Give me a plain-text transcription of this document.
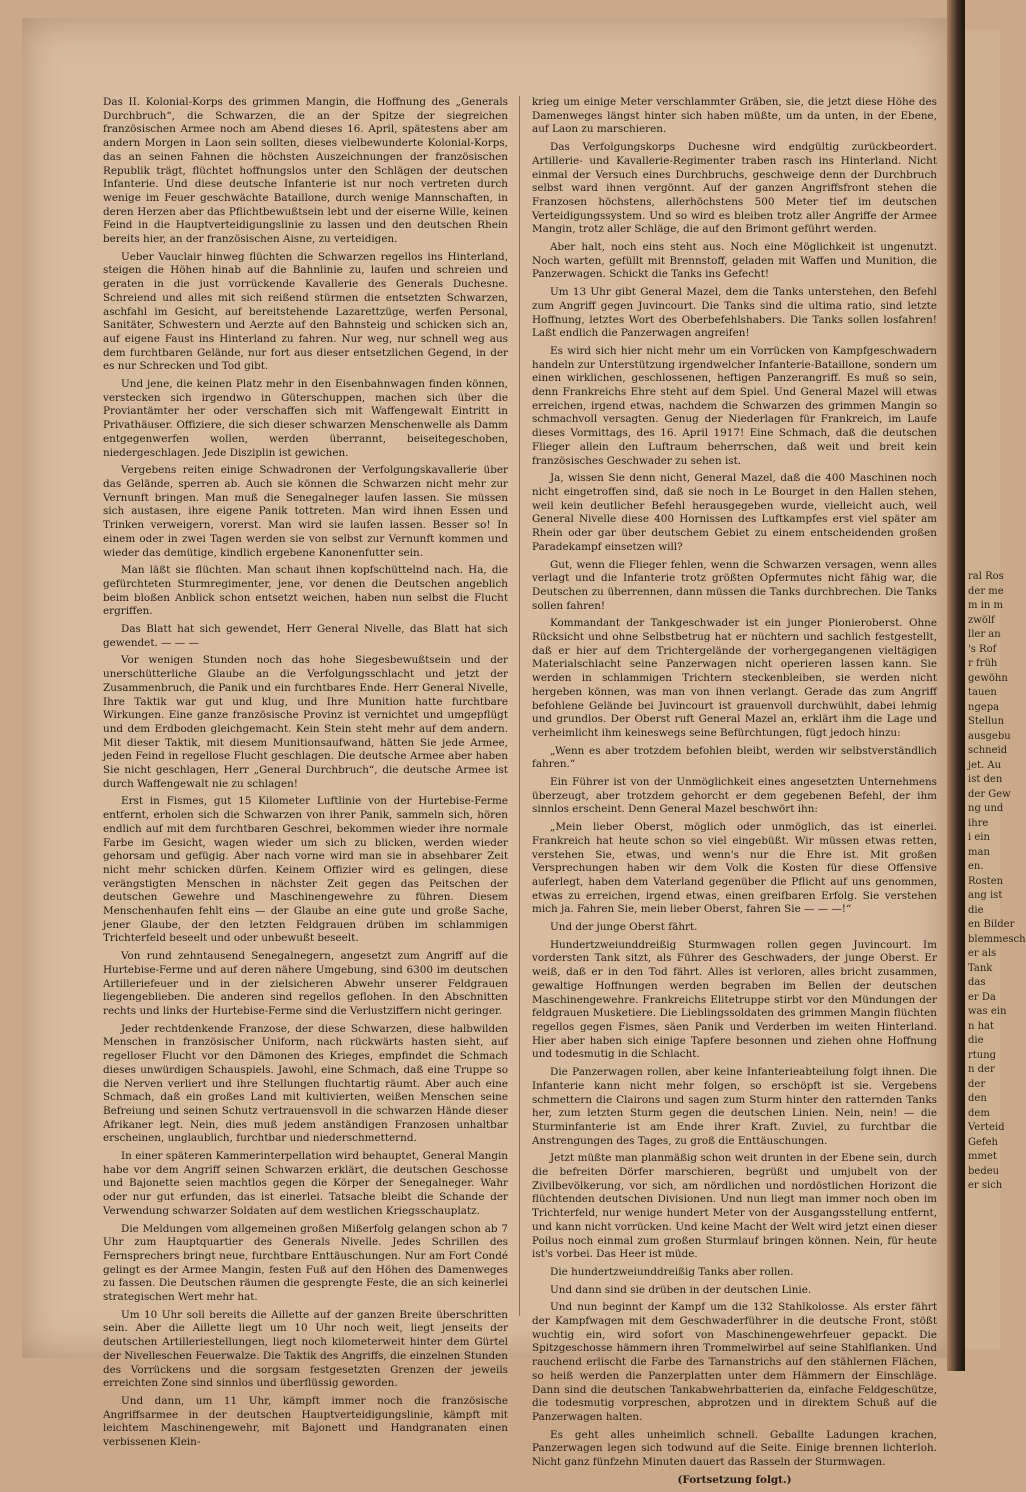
Das II. Kolonial-Korps des grimmen Mangin, die Hoffnung des „Generals Durchbruch“, die Schwarzen, die an der Spitze der siegreichen französischen Armee noch am Abend dieses 16. April, spätestens aber am andern Morgen in Laon sein sollten, dieses vielbewunderte Kolonial-Korps, das an seinen Fahnen die höchsten Auszeichnungen der französischen Republik trägt, flüchtet hoffnungslos unter den Schlägen der deutschen Infanterie. Und diese deutsche Infanterie ist nur noch vertreten durch wenige im Feuer geschwächte Bataillone, durch wenige Mannschaften, in deren Herzen aber das Pflichtbewußtsein lebt und der eiserne Wille, keinen Feind in die Hauptverteidigungslinie zu lassen und den deutschen Rhein bereits hier, an der französischen Aisne, zu verteidigen.

Ueber Vauclair hinweg flüchten die Schwarzen regellos ins Hinterland, steigen die Höhen hinab auf die Bahnlinie zu, laufen und schreien und geraten in die just vorrückende Kavallerie des Generals Duchesne. Schreiend und alles mit sich reißend stürmen die entsetzten Schwarzen, aschfahl im Gesicht, auf bereitstehende Lazarettzüge, werfen Personal, Sanitäter, Schwestern und Aerzte auf den Bahnsteig und schicken sich an, auf eigene Faust ins Hinterland zu fahren. Nur weg, nur schnell weg aus dem furchtbaren Gelände, nur fort aus dieser entsetzlichen Gegend, in der es nur Schrecken und Tod gibt.

Und jene, die keinen Platz mehr in den Eisenbahnwagen finden können, verstecken sich irgendwo in Güterschuppen, machen sich über die Proviantämter her oder verschaffen sich mit Waffengewalt Eintritt in Privathäuser. Offiziere, die sich dieser schwarzen Menschenwelle als Damm entgegenwerfen wollen, werden überrannt, beiseitegeschoben, niedergeschlagen. Jede Disziplin ist gewichen.

Vergebens reiten einige Schwadronen der Verfolgungskavallerie über das Gelände, sperren ab. Auch sie können die Schwarzen nicht mehr zur Vernunft bringen. Man muß die Senegalneger laufen lassen. Sie müssen sich austasen, ihre eigene Panik tottreten. Man wird ihnen Essen und Trinken verweigern, vorerst. Man wird sie laufen lassen. Besser so! In einem oder in zwei Tagen werden sie von selbst zur Vernunft kommen und wieder das demütige, kindlich ergebene Kanonenfutter sein.

Man läßt sie flüchten. Man schaut ihnen kopfschüttelnd nach. Ha, die gefürchteten Sturmregimenter, jene, vor denen die Deutschen angeblich beim bloßen Anblick schon entsetzt weichen, haben nun selbst die Flucht ergriffen.

Das Blatt hat sich gewendet, Herr General Nivelle, das Blatt hat sich gewendet. — — —

Vor wenigen Stunden noch das hohe Siegesbewußtsein und der unerschütterliche Glaube an die Verfolgungsschlacht und jetzt der Zusammenbruch, die Panik und ein furchtbares Ende. Herr General Nivelle, Ihre Taktik war gut und klug, und Ihre Munition hatte furchtbare Wirkungen. Eine ganze französische Provinz ist vernichtet und umgepflügt und dem Erdboden gleichgemacht. Kein Stein steht mehr auf dem andern. Mit dieser Taktik, mit diesem Munitionsaufwand, hätten Sie jede Armee, jeden Feind in regellose Flucht geschlagen. Die deutsche Armee aber haben Sie nicht geschlagen, Herr „General Durchbruch“, die deutsche Armee ist durch Waffengewalt nie zu schlagen!

Erst in Fismes, gut 15 Kilometer Luftlinie von der Hurtebise-Ferme entfernt, erholen sich die Schwarzen von ihrer Panik, sammeln sich, hören endlich auf mit dem furchtbaren Geschrei, bekommen wieder ihre normale Farbe im Gesicht, wagen wieder um sich zu blicken, werden wieder gehorsam und gefügig. Aber nach vorne wird man sie in absehbarer Zeit nicht mehr schicken dürfen. Keinem Offizier wird es gelingen, diese verängstigten Menschen in nächster Zeit gegen das Peitschen der deutschen Gewehre und Maschinengewehre zu führen. Diesem Menschenhaufen fehlt eins — der Glaube an eine gute und große Sache, jener Glaube, der den letzten Feldgrauen drüben im schlammigen Trichterfeld beseelt und oder unbewußt beseelt.

Von rund zehntausend Senegalnegern, angesetzt zum Angriff auf die Hurtebise-Ferme und auf deren nähere Umgebung, sind 6300 im deutschen Artilleriefeuer und in der zielsicheren Abwehr unserer Feldgrauen liegengeblieben. Die anderen sind regellos geflohen. In den Abschnitten rechts und links der Hurtebise-Ferme sind die Verlustziffern nicht geringer.

Jeder rechtdenkende Franzose, der diese Schwarzen, diese halbwilden Menschen in französischer Uniform, nach rückwärts hasten sieht, auf regelloser Flucht vor den Dämonen des Krieges, empfindet die Schmach dieses unwürdigen Schauspiels. Jawohl, eine Schmach, daß eine Truppe so die Nerven verliert und ihre Stellungen fluchtartig räumt. Aber auch eine Schmach, daß ein großes Land mit kultivierten, weißen Menschen seine Befreiung und seinen Schutz vertrauensvoll in die schwarzen Hände dieser Afrikaner legt. Nein, dies muß jedem anständigen Franzosen unhaltbar erscheinen, unglaublich, furchtbar und niederschmetternd.

In einer späteren Kammerinterpellation wird behauptet, General Mangin habe vor dem Angriff seinen Schwarzen erklärt, die deutschen Geschosse und Bajonette seien machtlos gegen die Körper der Senegalneger. Wahr oder nur gut erfunden, das ist einerlei. Tatsache bleibt die Schande der Verwendung schwarzer Soldaten auf dem westlichen Kriegsschauplatz.

Die Meldungen vom allgemeinen großen Mißerfolg gelangen schon ab 7 Uhr zum Hauptquartier des Generals Nivelle. Jedes Schrillen des Fernsprechers bringt neue, furchtbare Enttäuschungen. Nur am Fort Condé gelingt es der Armee Mangin, festen Fuß auf den Höhen des Damenweges zu fassen. Die Deutschen räumen die gesprengte Feste, die an sich keinerlei strategischen Wert mehr hat.

Um 10 Uhr soll bereits die Aillette auf der ganzen Breite überschritten sein. Aber die Aillette liegt um 10 Uhr noch weit, liegt jenseits der deutschen Artilleriestellungen, liegt noch kilometerweit hinter dem Gürtel der Nivelleschen Feuerwalze. Die Taktik des Angriffs, die einzelnen Stunden des Vorrückens und die sorgsam festgesetzten Grenzen der jeweils erreichten Zone sind sinnlos und überflüssig geworden.

Und dann, um 11 Uhr, kämpft immer noch die französische Angriffsarmee in der deutschen Hauptverteidigungslinie, kämpft mit leichtem Maschinengewehr, mit Bajonett und Handgranaten einen verbissenen Klein-

krieg um einige Meter verschlammter Gräben, sie, die jetzt diese Höhe des Damenweges längst hinter sich haben müßte, um da unten, in der Ebene, auf Laon zu marschieren.

Das Verfolgungskorps Duchesne wird endgültig zurückbeordert. Artillerie- und Kavallerie-Regimenter traben rasch ins Hinterland. Nicht einmal der Versuch eines Durchbruchs, geschweige denn der Durchbruch selbst ward ihnen vergönnt. Auf der ganzen Angriffsfront stehen die Franzosen höchstens, allerhöchstens 500 Meter tief im deutschen Verteidigungssystem. Und so wird es bleiben trotz aller Angriffe der Armee Mangin, trotz aller Schläge, die auf den Brimont geführt werden.

Aber halt, noch eins steht aus. Noch eine Möglichkeit ist ungenutzt. Noch warten, gefüllt mit Brennstoff, geladen mit Waffen und Munition, die Panzerwagen. Schickt die Tanks ins Gefecht!

Um 13 Uhr gibt General Mazel, dem die Tanks unterstehen, den Befehl zum Angriff gegen Juvincourt. Die Tanks sind die ultima ratio, sind letzte Hoffnung, letztes Wort des Oberbefehlshabers. Die Tanks sollen losfahren! Laßt endlich die Panzerwagen angreifen!

Es wird sich hier nicht mehr um ein Vorrücken von Kampfgeschwadern handeln zur Unterstützung irgendwelcher Infanterie-Bataillone, sondern um einen wirklichen, geschlossenen, heftigen Panzerangriff. Es muß so sein, denn Frankreichs Ehre steht auf dem Spiel. Und General Mazel will etwas erreichen, irgend etwas, nachdem die Schwarzen des grimmen Mangin so schmachvoll versagten. Genug der Niederlagen für Frankreich, im Laufe dieses Vormittags, des 16. April 1917! Eine Schmach, daß die deutschen Flieger allein den Luftraum beherrschen, daß weit und breit kein französisches Geschwader zu sehen ist.

Ja, wissen Sie denn nicht, General Mazel, daß die 400 Maschinen noch nicht eingetroffen sind, daß sie noch in Le Bourget in den Hallen stehen, weil kein deutlicher Befehl herausgegeben wurde, vielleicht auch, weil General Nivelle diese 400 Hornissen des Luftkampfes erst viel später am Rhein oder gar über deutschem Gebiet zu einem entscheidenden großen Paradekampf einsetzen will?

Gut, wenn die Flieger fehlen, wenn die Schwarzen versagen, wenn alles verlagt und die Infanterie trotz größten Opfermutes nicht fähig war, die Deutschen zu überrennen, dann müssen die Tanks durchbrechen. Die Tanks sollen fahren!

Kommandant der Tankgeschwader ist ein junger Pionieroberst. Ohne Rücksicht und ohne Selbstbetrug hat er nüchtern und sachlich festgestellt, daß er hier auf dem Trichtergelände der vorhergegangenen vieltägigen Materialschlacht seine Panzerwagen nicht operieren lassen kann. Sie werden in schlammigen Trichtern steckenbleiben, sie werden nicht hergeben können, was man von ihnen verlangt. Gerade das zum Angriff befohlene Gelände bei Juvincourt ist grauenvoll durchwühlt, dabei lehmig und grundlos. Der Oberst ruft General Mazel an, erklärt ihm die Lage und verheimlicht ihm keineswegs seine Befürchtungen, fügt jedoch hinzu:

„Wenn es aber trotzdem befohlen bleibt, werden wir selbstverständlich fahren.“

Ein Führer ist von der Unmöglichkeit eines angesetzten Unternehmens überzeugt, aber trotzdem gehorcht er dem gegebenen Befehl, der ihm sinnlos erscheint. Denn General Mazel beschwört ihn:

„Mein lieber Oberst, möglich oder unmöglich, das ist einerlei. Frankreich hat heute schon so viel eingebüßt. Wir müssen etwas retten, verstehen Sie, etwas, und wenn's nur die Ehre ist. Mit großen Versprechungen haben wir dem Volk die Kosten für diese Offensive auferlegt, haben dem Vaterland gegenüber die Pflicht auf uns genommen, etwas zu erreichen, irgend etwas, einen greifbaren Erfolg. Sie verstehen mich ja. Fahren Sie, mein lieber Oberst, fahren Sie — — —!“

Und der junge Oberst fährt.

Hundertzweiunddreißig Sturmwagen rollen gegen Juvincourt. Im vordersten Tank sitzt, als Führer des Geschwaders, der junge Oberst. Er weiß, daß er in den Tod fährt. Alles ist verloren, alles bricht zusammen, gewaltige Hoffnungen werden begraben im Bellen der deutschen Maschinengewehre. Frankreichs Elitetruppe stirbt vor den Mündungen der feldgrauen Musketiere. Die Lieblingssoldaten des grimmen Mangin flüchten regellos gegen Fismes, säen Panik und Verderben im weiten Hinterland. Hier aber haben sich einige Tapfere besonnen und ziehen ohne Hoffnung und todesmutig in die Schlacht.

Die Panzerwagen rollen, aber keine Infanterieabteilung folgt ihnen. Die Infanterie kann nicht mehr folgen, so erschöpft ist sie. Vergebens schmettern die Clairons und sagen zum Sturm hinter den ratternden Tanks her, zum letzten Sturm gegen die deutschen Linien. Nein, nein! — die Sturminfanterie ist am Ende ihrer Kraft. Zuviel, zu furchtbar die Anstrengungen des Tages, zu groß die Enttäuschungen.

Jetzt müßte man planmäßig schon weit drunten in der Ebene sein, durch die befreiten Dörfer marschieren, begrüßt und umjubelt von der Zivilbevölkerung, vor sich, am nördlichen und nordöstlichen Horizont die flüchtenden deutschen Divisionen. Und nun liegt man immer noch oben im Trichterfeld, nur wenige hundert Meter von der Ausgangsstellung entfernt, und kann nicht vorrücken. Und keine Macht der Welt wird jetzt einen dieser Poilus noch einmal zum großen Sturmlauf bringen können. Nein, für heute ist's vorbei. Das Heer ist müde.

Die hundertzweiunddreißig Tanks aber rollen.

Und dann sind sie drüben in der deutschen Linie.

Und nun beginnt der Kampf um die 132 Stahlkolosse. Als erster fährt der Kampfwagen mit dem Geschwaderführer in die deutsche Front, stößt wuchtig ein, wird sofort von Maschinengewehrfeuer gepackt. Die Spitzgeschosse hämmern ihren Trommelwirbel auf seine Stahlflanken. Und rauchend erlischt die Farbe des Tarnanstrichs auf den stählernen Flächen, so heiß werden die Panzerplatten unter dem Hämmern der Einschläge. Dann sind die deutschen Tankabwehrbatterien da, einfache Feldgeschütze, die todesmutig vorpreschen, abprotzen und in direktem Schuß auf die Panzerwagen halten.

Es geht alles unheimlich schnell. Geballte Ladungen krachen, Panzerwagen legen sich todwund auf die Seite. Einige brennen lichterloh. Nicht ganz fünfzehn Minuten dauert das Rasseln der Sturmwagen.

(Fortsetzung folgt.)

ral Ros
der me
m in m
zwölf
ller an
's Rof
r früh
gewöhn
tauen
ngepa
Stellun
ausgebu
schneid
jet. Au
ist den
der Gew
ng und
ihre
i ein
man
en.
Rosten
ang ist
die
en Bilder
blemmesch
er als
Tank
das
er Da
was ein
n hat
die
rtung
n der
der
den
dem
Verteid
Gefeh
mmet
bedeu
er sich
